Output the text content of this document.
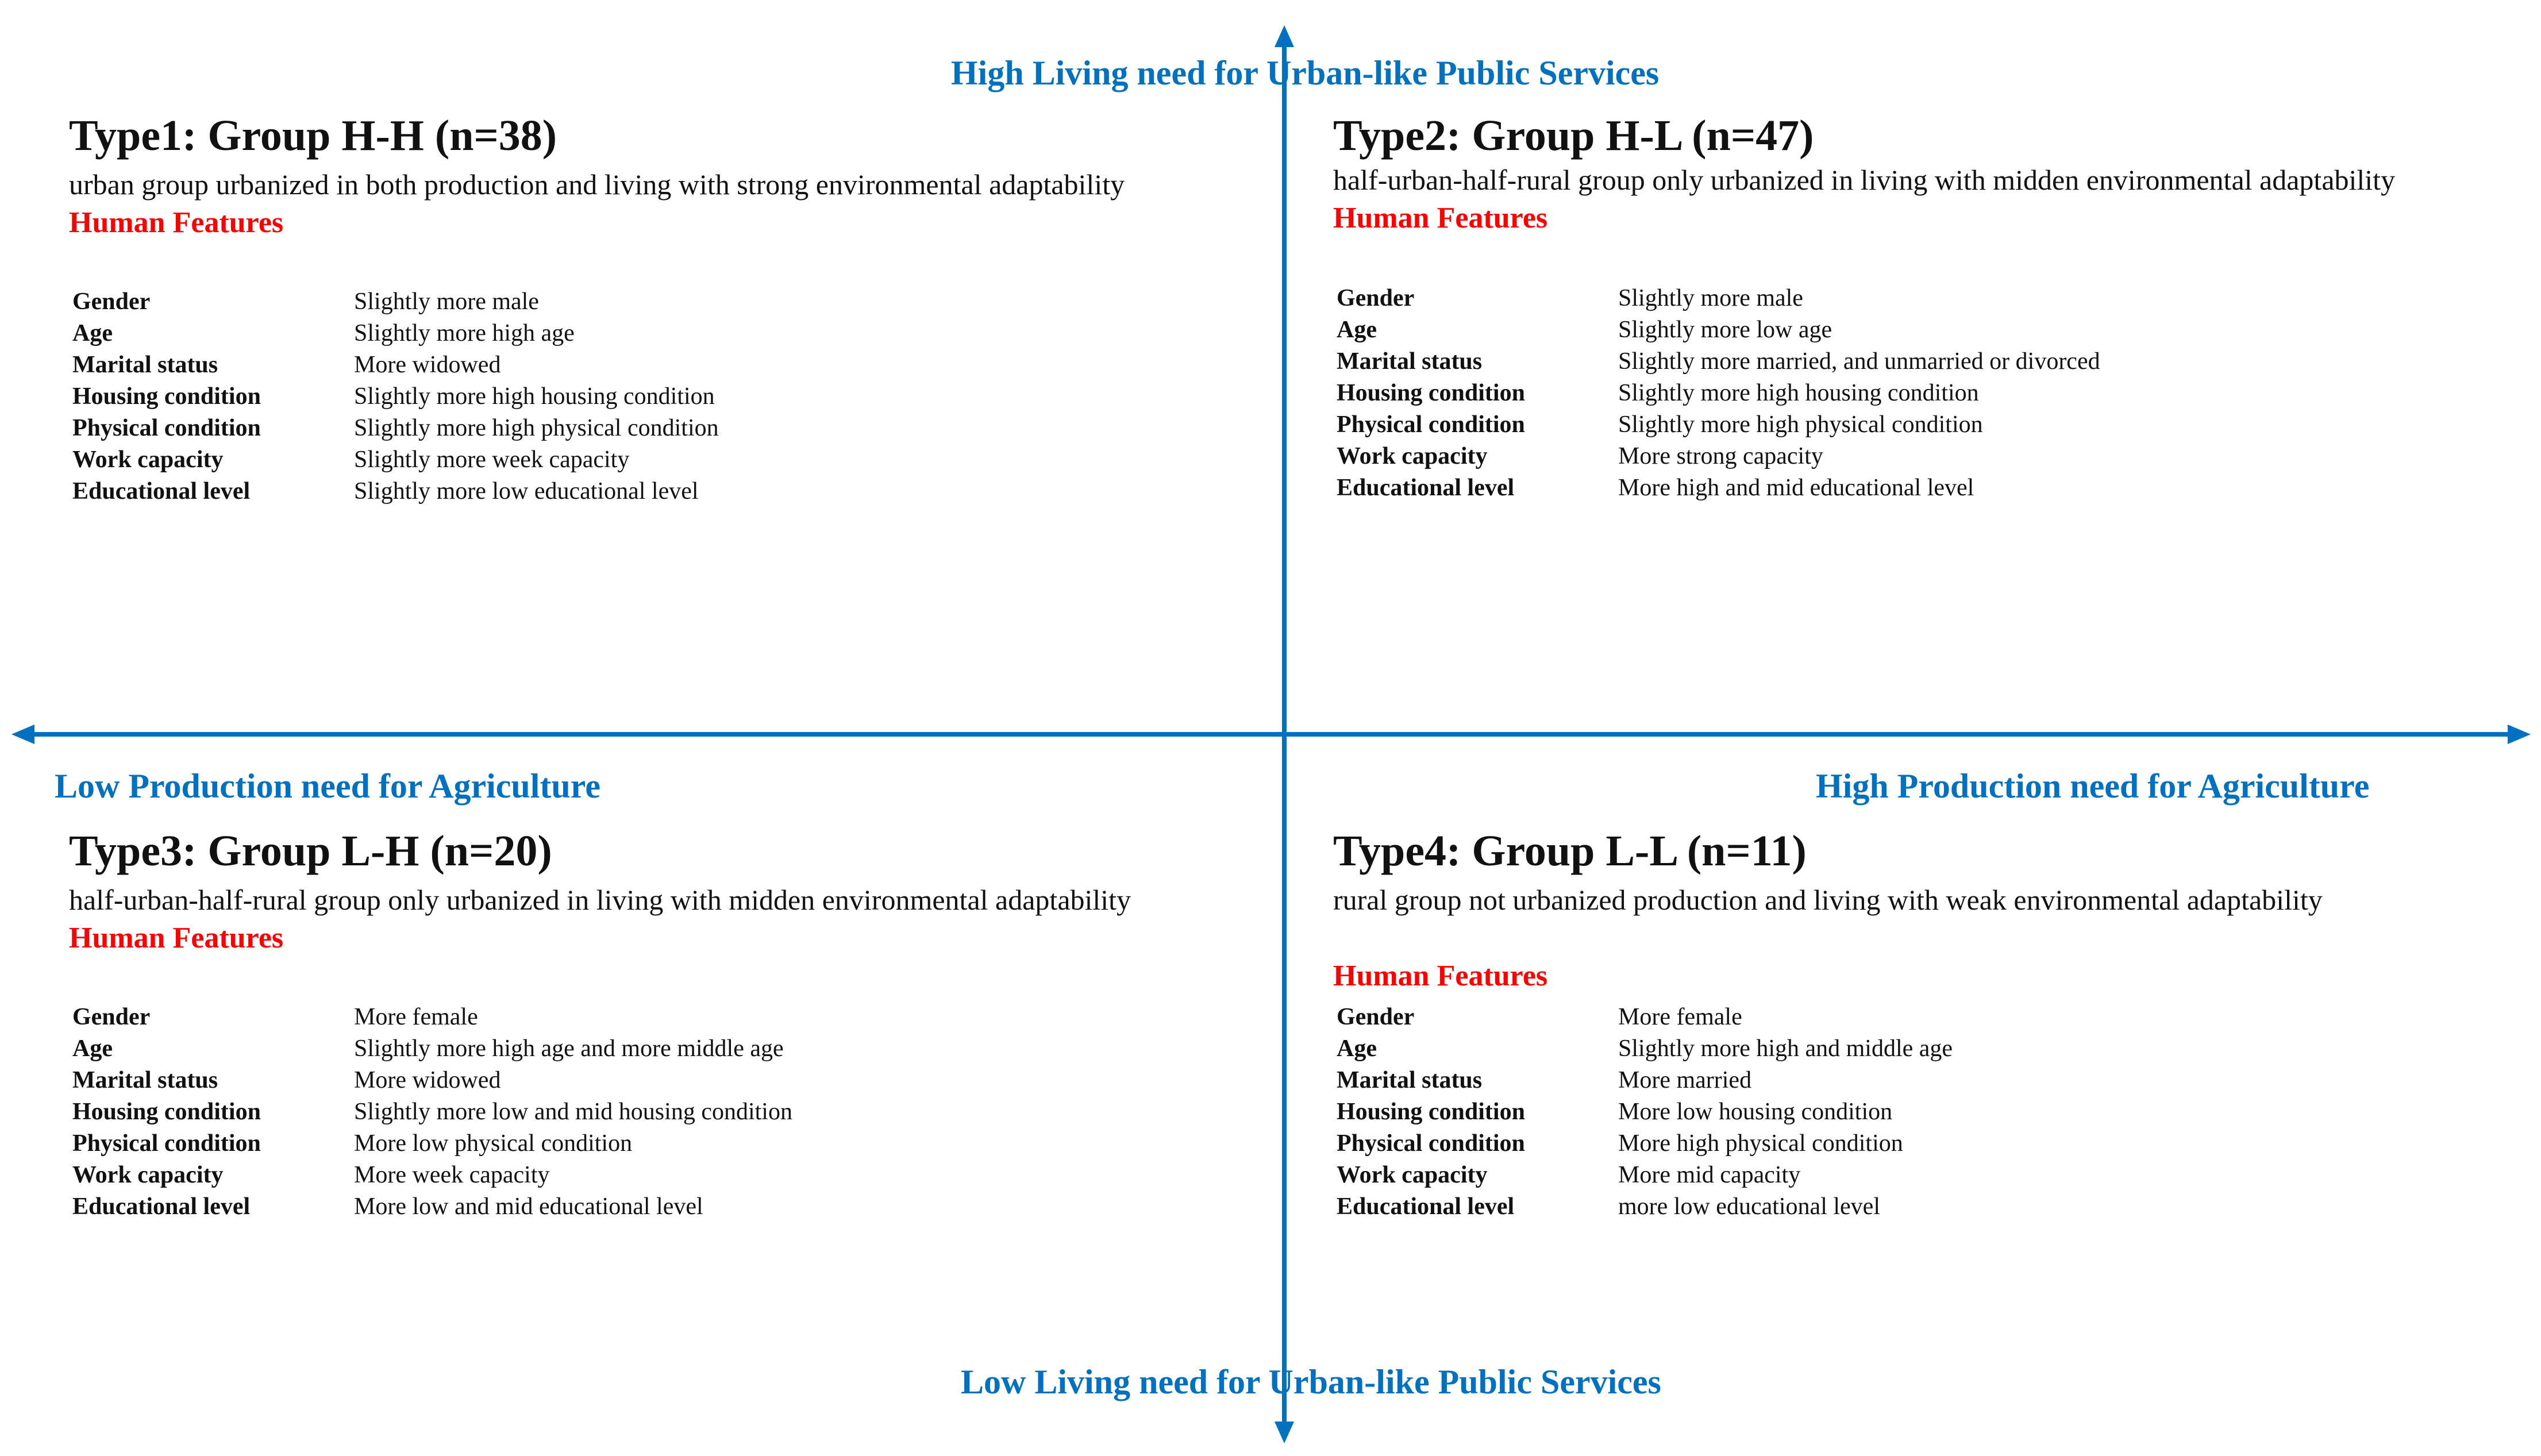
High Living need for Urban-like Public Services
Low Living need for Urban-like Public Services
Low Production need for Agriculture	High Production need for Agriculture
Type1: Group H-H (n=38)
urban group urbanized in both production and living with strong environmental adaptability
Human Features
Gender	Slightly more male
Age	Slightly more high age
Marital status	More widowed
Housing condition	Slightly more high housing condition
Physical condition	Slightly more high physical condition
Work capacity	Slightly more week capacity
Educational level	Slightly more low educational level
Type2: Group H-L (n=47)
half-urban-half-rural group only urbanized in living with midden environmental adaptability
Human Features
Gender	Slightly more male
Age	Slightly more low age
Marital status	Slightly more married, and unmarried or divorced
Housing condition	Slightly more high housing condition
Physical condition	Slightly more high physical condition
Work capacity	More strong capacity
Educational level	More high and mid educational level
Type3: Group L-H (n=20)
half-urban-half-rural group only urbanized in living with midden environmental adaptability
Human Features
Gender	More female
Age	Slightly more high age and more middle age
Marital status	More widowed
Housing condition	Slightly more low and mid housing condition
Physical condition	More low physical condition
Work capacity	More week capacity
Educational level	More low and mid educational level
Type4: Group L-L (n=11)
rural group not urbanized production and living with weak environmental adaptability
Human Features
Gender	More female
Age	Slightly more high and middle age
Marital status	More married
Housing condition	More low housing condition
Physical condition	More high physical condition
Work capacity	More mid capacity
Educational level	more low educational level
